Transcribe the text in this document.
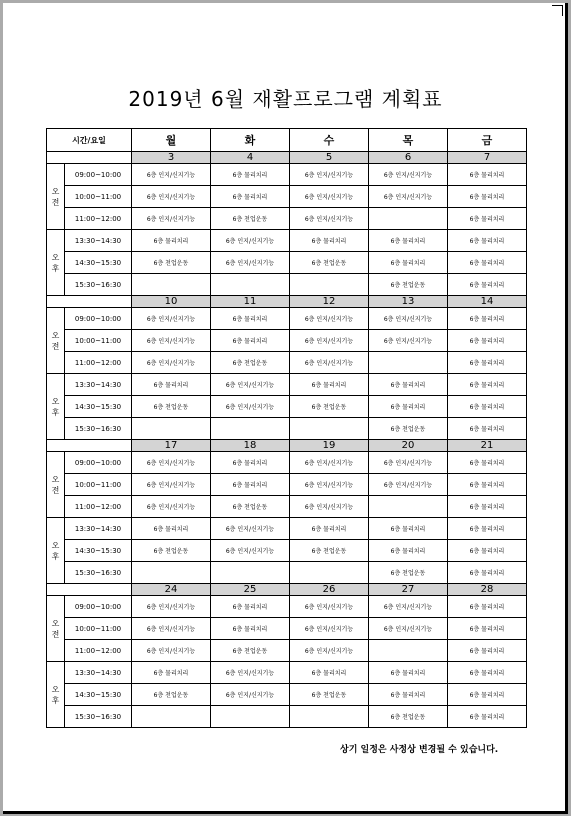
2019년 6월 재활프로그램 계획표
시간/요일		월	화	수	목	금
		3	4	5	6	7
오
전	09:00~10:00	6층 인지/신지기능	6층 물리치리	6층 인지/신지기능	6층 인지/신지기능	6층 물리치리
	10:00~11:00	6층 인지/신지기능	6층 물리치리	6층 인지/신지기능	6층 인지/신지기능	6층 물리치리
	11:00~12:00	6층 인지/신지기능	6층 천업운동	6층 인지/신지기능		6층 물리치리
오
후	13:30~14:30	6층 물리치리	6층 인지/신지기능	6층 물리치리	6층 물리치리	6층 물리치리
	14:30~15:30	6층 천업운동	6층 인지/신지기능	6층 천업운동	6층 물리치리	6층 물리치리
	15:30~16:30				6층 천업운동	6층 물리치리
		10	11	12	13	14
오
전	09:00~10:00	6층 인지/신지기능	6층 물리치리	6층 인지/신지기능	6층 인지/신지기능	6층 물리치리
	10:00~11:00	6층 인지/신지기능	6층 물리치리	6층 인지/신지기능	6층 인지/신지기능	6층 물리치리
	11:00~12:00	6층 인지/신지기능	6층 천업운동	6층 인지/신지기능		6층 물리치리
오
후	13:30~14:30	6층 물리치리	6층 인지/신지기능	6층 물리치리	6층 물리치리	6층 물리치리
	14:30~15:30	6층 천업운동	6층 인지/신지기능	6층 천업운동	6층 물리치리	6층 물리치리
	15:30~16:30				6층 천업운동	6층 물리치리
		17	18	19	20	21
오
전	09:00~10:00	6층 인지/신지기능	6층 물리치리	6층 인지/신지기능	6층 인지/신지기능	6층 물리치리
	10:00~11:00	6층 인지/신지기능	6층 물리치리	6층 인지/신지기능	6층 인지/신지기능	6층 물리치리
	11:00~12:00	6층 인지/신지기능	6층 천업운동	6층 인지/신지기능		6층 물리치리
오
후	13:30~14:30	6층 물리치리	6층 인지/신지기능	6층 물리치리	6층 물리치리	6층 물리치리
	14:30~15:30	6층 천업운동	6층 인지/신지기능	6층 천업운동	6층 물리치리	6층 물리치리
	15:30~16:30				6층 천업운동	6층 물리치리
		24	25	26	27	28
오
전	09:00~10:00	6층 인지/신지기능	6층 물리치리	6층 인지/신지기능	6층 인지/신지기능	6층 물리치리
	10:00~11:00	6층 인지/신지기능	6층 물리치리	6층 인지/신지기능	6층 인지/신지기능	6층 물리치리
	11:00~12:00	6층 인지/신지기능	6층 천업운동	6층 인지/신지기능		6층 물리치리
오
후	13:30~14:30	6층 물리치리	6층 인지/신지기능	6층 물리치리	6층 물리치리	6층 물리치리
	14:30~15:30	6층 천업운동	6층 인지/신지기능	6층 천업운동	6층 물리치리	6층 물리치리
	15:30~16:30				6층 천업운동	6층 물리치리
상기 일정은 사정상 변경될 수 있습니다.
